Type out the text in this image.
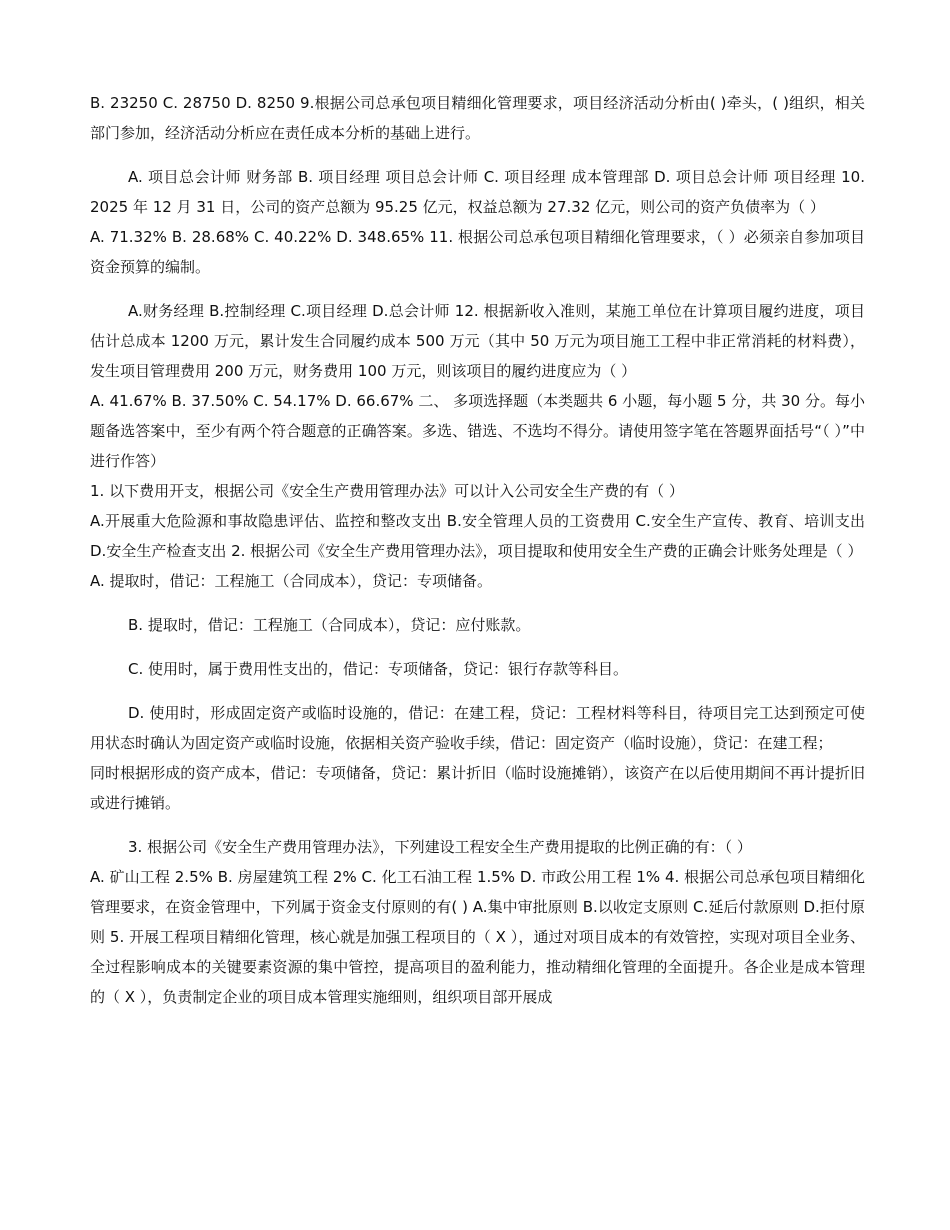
B. 23250 C. 28750 D. 8250 9.根据公司总承包项目精细化管理要求，项目经济活动分析由( )牵头，( )组织，相关部门参加，经济活动分析应在责任成本分析的基础上进行。

A. 项目总会计师 财务部 B. 项目经理 项目总会计师 C. 项目经理 成本管理部 D. 项目总会计师 项目经理 10. 2025 年 12 月 31 日，公司的资产总额为 95.25 亿元，权益总额为 27.32 亿元，则公司的资产负债率为（ ）

A. 71.32% B. 28.68% C. 40.22% D. 348.65% 11. 根据公司总承包项目精细化管理要求，（ ）必须亲自参加项目资金预算的编制。

A.财务经理 B.控制经理 C.项目经理 D.总会计师 12. 根据新收入准则，某施工单位在计算项目履约进度，项目估计总成本 1200 万元，累计发生合同履约成本 500 万元（其中 50 万元为项目施工工程中非正常消耗的材料费），发生项目管理费用 200 万元，财务费用 100 万元，则该项目的履约进度应为（ ）

A. 41.67% B. 37.50% C. 54.17% D. 66.67% 二、 多项选择题（本类题共 6 小题，每小题 5 分，共 30 分。每小题备选答案中，至少有两个符合题意的正确答案。多选、错选、不选均不得分。请使用签字笔在答题界面括号“（ ）”中进行作答）

1. 以下费用开支，根据公司《安全生产费用管理办法》可以计入公司安全生产费的有（ ）

A.开展重大危险源和事故隐患评估、监控和整改支出 B.安全管理人员的工资费用 C.安全生产宣传、教育、培训支出 D.安全生产检查支出 2. 根据公司《安全生产费用管理办法》，项目提取和使用安全生产费的正确会计账务处理是（ ）

A. 提取时，借记：工程施工（合同成本），贷记：专项储备。

B. 提取时，借记：工程施工（合同成本），贷记：应付账款。

C. 使用时，属于费用性支出的，借记：专项储备，贷记：银行存款等科目。

D. 使用时，形成固定资产或临时设施的，借记：在建工程，贷记：工程材料等科目，待项目完工达到预定可使用状态时确认为固定资产或临时设施，依据相关资产验收手续，借记：固定资产（临时设施），贷记：在建工程；

同时根据形成的资产成本，借记：专项储备，贷记：累计折旧（临时设施摊销），该资产在以后使用期间不再计提折旧或进行摊销。

3. 根据公司《安全生产费用管理办法》，下列建设工程安全生产费用提取的比例正确的有：（ ）

A. 矿山工程 2.5% B. 房屋建筑工程 2% C. 化工石油工程 1.5% D. 市政公用工程 1% 4. 根据公司总承包项目精细化管理要求，在资金管理中，下列属于资金支付原则的有( ) A.集中审批原则 B.以收定支原则 C.延后付款原则 D.拒付原则 5. 开展工程项目精细化管理，核心就是加强工程项目的（ X ），通过对项目成本的有效管控，实现对项目全业务、全过程影响成本的关键要素资源的集中管控，提高项目的盈利能力，推动精细化管理的全面提升。各企业是成本管理的（ X ），负责制定企业的项目成本管理实施细则，组织项目部开展成
